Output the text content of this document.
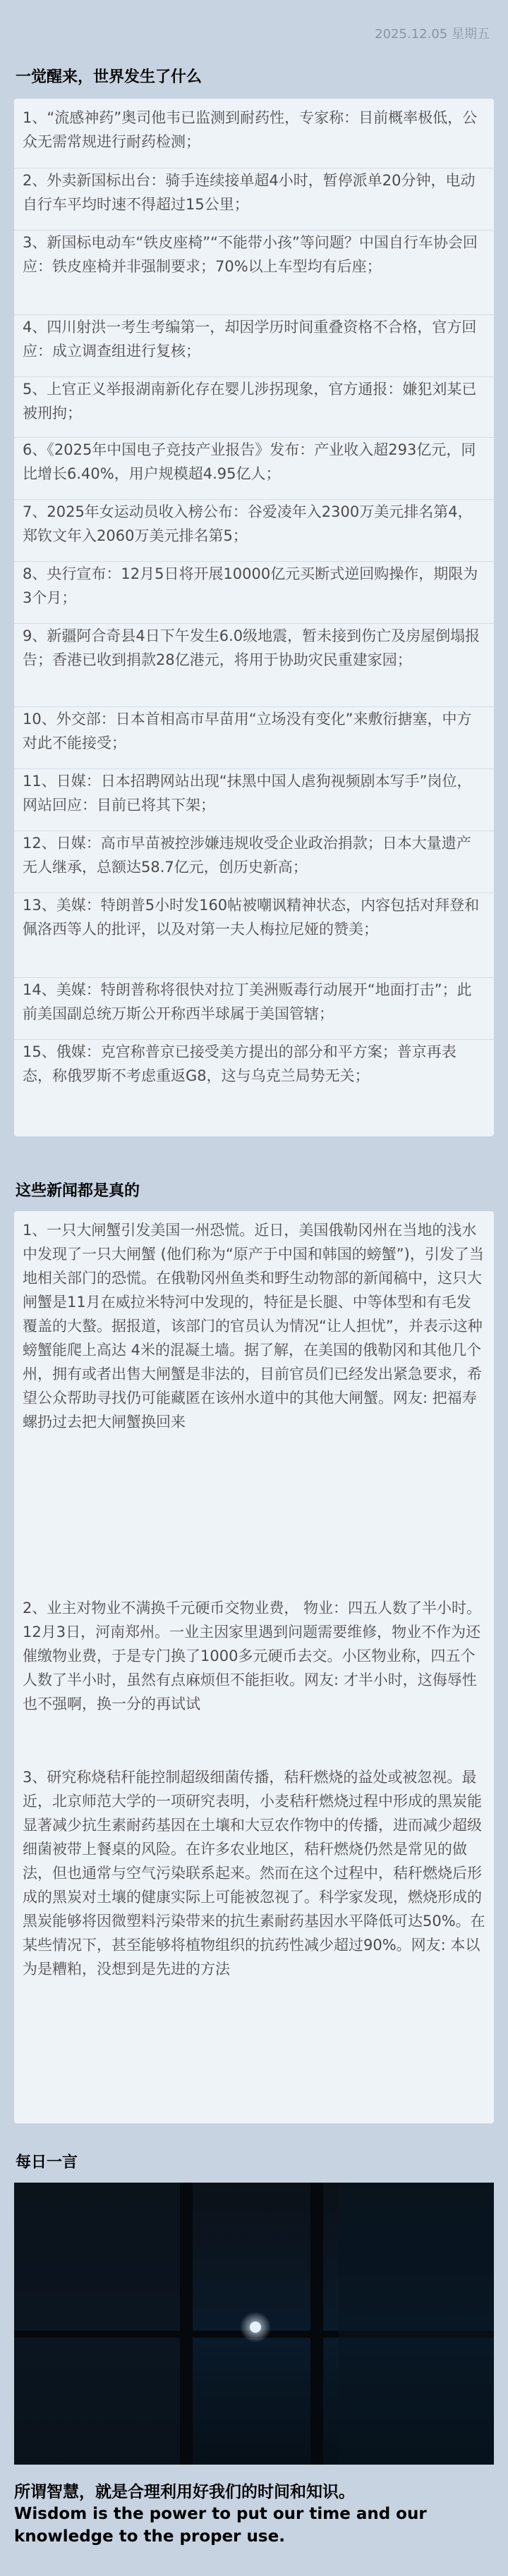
2025.12.05 星期五
一觉醒来，世界发生了什么
1、“流感神药”奥司他韦已监测到耐药性，专家称：目前概率极低，公众无需常规进行耐药检测；
2、外卖新国标出台：骑手连续接单超4小时，暂停派单20分钟，电动自行车平均时速不得超过15公里；
3、新国标电动车“铁皮座椅”“不能带小孩”等问题？中国自行车协会回应：铁皮座椅并非强制要求；70%以上车型均有后座；
4、四川射洪一考生考编第一，却因学历时间重叠资格不合格，官方回应：成立调查组进行复核；
5、上官正义举报湖南新化存在婴儿涉拐现象，官方通报：嫌犯刘某已被刑拘；
6、《2025年中国电子竞技产业报告》发布：产业收入超293亿元，同比增长6.40%，用户规模超4.95亿人；
7、2025年女运动员收入榜公布：谷爱凌年入2300万美元排名第4，郑钦文年入2060万美元排名第5；
8、央行宣布：12月5日将开展10000亿元买断式逆回购操作，期限为3个月；
9、新疆阿合奇县4日下午发生6.0级地震，暂未接到伤亡及房屋倒塌报告；香港已收到捐款28亿港元，将用于协助灾民重建家园；
10、外交部：日本首相高市早苗用“立场没有变化”来敷衍搪塞，中方对此不能接受；
11、日媒：日本招聘网站出现“抹黑中国人虐狗视频剧本写手”岗位，网站回应：目前已将其下架；
12、日媒：高市早苗被控涉嫌违规收受企业政治捐款；日本大量遗产无人继承，总额达58.7亿元，创历史新高；
13、美媒：特朗普5小时发160帖被嘲讽精神状态，内容包括对拜登和佩洛西等人的批评，以及对第一夫人梅拉尼娅的赞美；
14、美媒：特朗普称将很快对拉丁美洲贩毒行动展开“地面打击”；此前美国副总统万斯公开称西半球属于美国管辖；
15、俄媒：克宫称普京已接受美方提出的部分和平方案；普京再表态，称俄罗斯不考虑重返G8，这与乌克兰局势无关；
这些新闻都是真的
1、一只大闸蟹引发美国一州恐慌。近日，美国俄勒冈州在当地的浅水中发现了一只大闸蟹 (他们称为“原产于中国和韩国的螃蟹”)，引发了当地相关部门的恐慌。在俄勒冈州鱼类和野生动物部的新闻稿中，这只大闸蟹是11月在威拉米特河中发现的，特征是长腿、中等体型和有毛发覆盖的大螯。据报道，该部门的官员认为情况“让人担忧”，并表示这种螃蟹能爬上高达 4米的混凝土墙。据了解，在美国的俄勒冈和其他几个州，拥有或者出售大闸蟹是非法的，目前官员们已经发出紧急要求，希望公众帮助寻找仍可能藏匿在该州水道中的其他大闸蟹。网友: 把福寿螺扔过去把大闸蟹换回来
2、业主对物业不满换千元硬币交物业费， 物业：四五人数了半小时。12月3日，河南郑州。一业主因家里遇到问题需要维修，物业不作为还催缴物业费，于是专门换了1000多元硬币去交。小区物业称，四五个人数了半小时，虽然有点麻烦但不能拒收。网友: 才半小时，这侮辱性也不强啊，换一分的再试试
3、研究称烧秸秆能控制超级细菌传播，秸秆燃烧的益处或被忽视。最近，北京师范大学的一项研究表明，小麦秸秆燃烧过程中形成的黑炭能显著减少抗生素耐药基因在土壤和大豆农作物中的传播，进而减少超级细菌被带上餐桌的风险。在许多农业地区，秸秆燃烧仍然是常见的做法，但也通常与空气污染联系起来。然而在这个过程中，秸秆燃烧后形成的黑炭对土壤的健康实际上可能被忽视了。科学家发现，燃烧形成的黑炭能够将因微塑料污染带来的抗生素耐药基因水平降低可达50%。在某些情况下，甚至能够将植物组织的抗药性减少超过90%。网友: 本以为是糟粕，没想到是先进的方法
每日一言
所谓智慧，就是合理利用好我们的时间和知识。
Wisdom is the power to put our time and our knowledge to the proper use.
